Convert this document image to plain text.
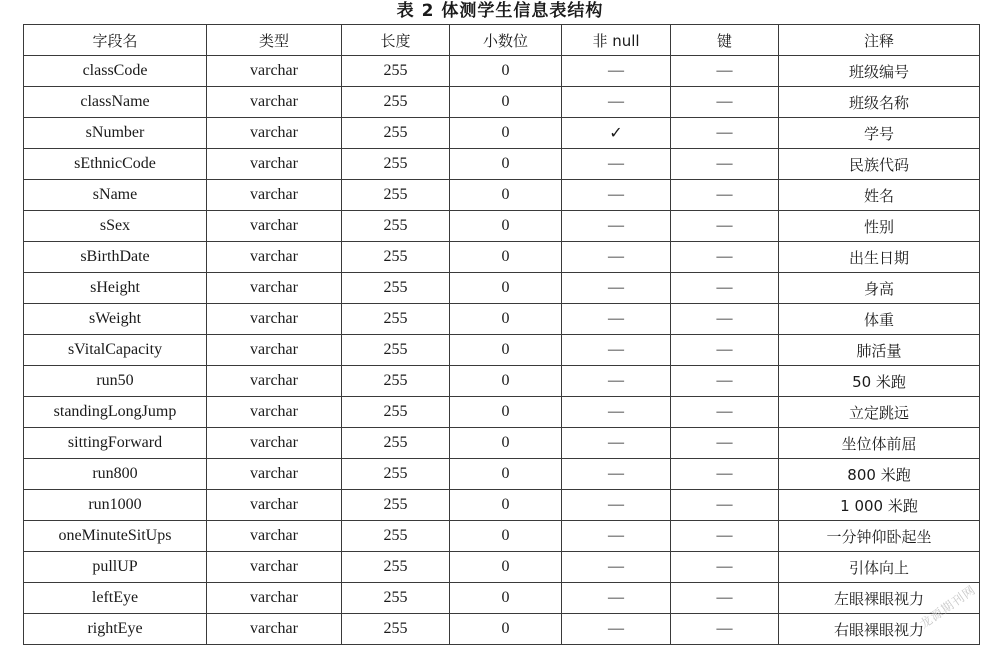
表 2 体测学生信息表结构
字段名	类型	长度	小数位	非 null	键	注释
classCode	varchar	255	0	—	—	班级编号
className	varchar	255	0	—	—	班级名称
sNumber	varchar	255	0	✓	—	学号
sEthnicCode	varchar	255	0	—	—	民族代码
sName	varchar	255	0	—	—	姓名
sSex	varchar	255	0	—	—	性别
sBirthDate	varchar	255	0	—	—	出生日期
sHeight	varchar	255	0	—	—	身高
sWeight	varchar	255	0	—	—	体重
sVitalCapacity	varchar	255	0	—	—	肺活量
run50	varchar	255	0	—	—	50 米跑
standingLongJump	varchar	255	0	—	—	立定跳远
sittingForward	varchar	255	0	—	—	坐位体前屈
run800	varchar	255	0	—	—	800 米跑
run1000	varchar	255	0	—	—	1 000 米跑
oneMinuteSitUps	varchar	255	0	—	—	一分钟仰卧起坐
pullUP	varchar	255	0	—	—	引体向上
leftEye	varchar	255	0	—	—	左眼裸眼视力
rightEye	varchar	255	0	—	—	右眼裸眼视力
龙源期刊网
